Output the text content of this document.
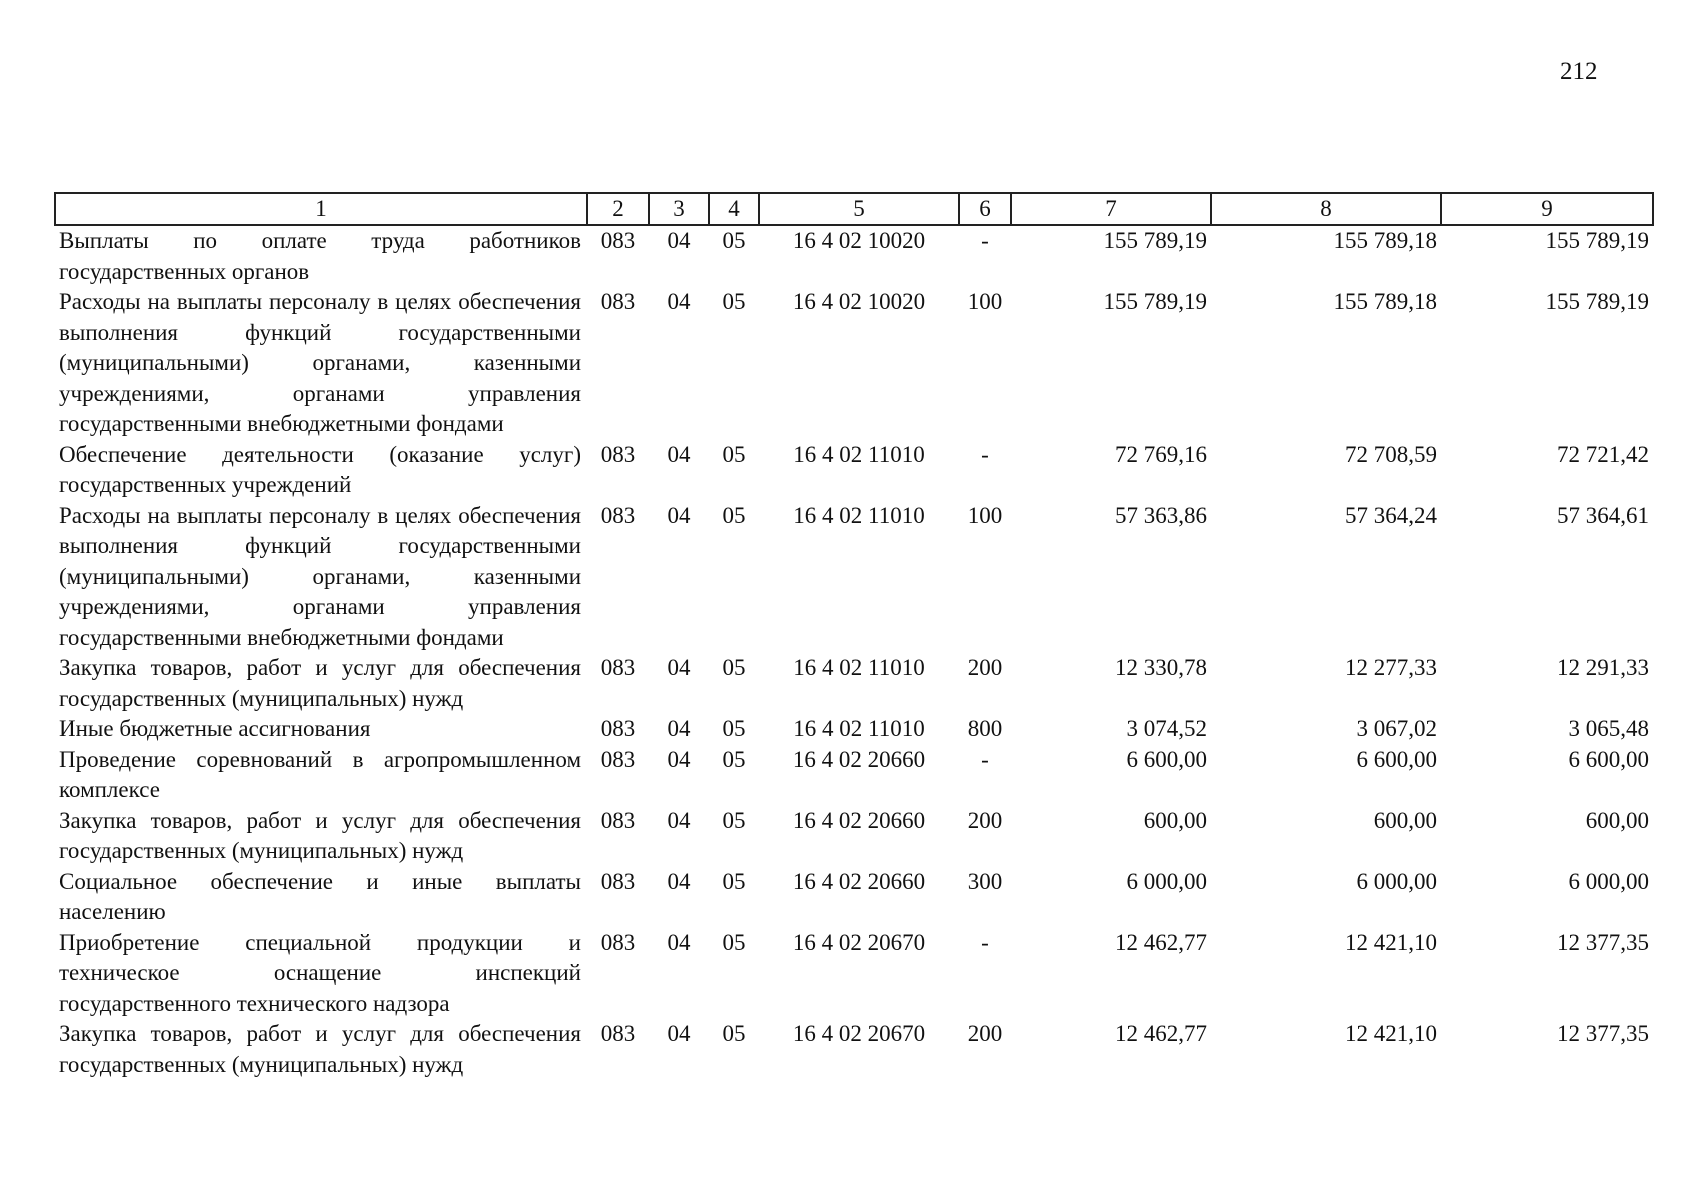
212
1	2	3	4	5	6	7	8	9
Выплаты по оплате труда работников государственных органов	083	04	05	16 4 02 10020	-	155 789,19	155 789,18	155 789,19
Расходы на выплаты персоналу в целях обеспечения выполнения функций государственными (муниципальными) органами, казенными учреждениями, органами управления государственными внебюджетными фондами	083	04	05	16 4 02 10020	100	155 789,19	155 789,18	155 789,19
Обеспечение деятельности (оказание услуг) государственных учреждений	083	04	05	16 4 02 11010	-	72 769,16	72 708,59	72 721,42
Расходы на выплаты персоналу в целях обеспечения выполнения функций государственными (муниципальными) органами, казенными учреждениями, органами управления государственными внебюджетными фондами	083	04	05	16 4 02 11010	100	57 363,86	57 364,24	57 364,61
Закупка товаров, работ и услуг для обеспечения государственных (муниципальных) нужд	083	04	05	16 4 02 11010	200	12 330,78	12 277,33	12 291,33
Иные бюджетные ассигнования	083	04	05	16 4 02 11010	800	3 074,52	3 067,02	3 065,48
Проведение соревнований в агропромышленном комплексе	083	04	05	16 4 02 20660	-	6 600,00	6 600,00	6 600,00
Закупка товаров, работ и услуг для обеспечения государственных (муниципальных) нужд	083	04	05	16 4 02 20660	200	600,00	600,00	600,00
Социальное обеспечение и иные выплаты населению	083	04	05	16 4 02 20660	300	6 000,00	6 000,00	6 000,00
Приобретение специальной продукции и техническое оснащение инспекций государственного технического надзора	083	04	05	16 4 02 20670	-	12 462,77	12 421,10	12 377,35
Закупка товаров, работ и услуг для обеспечения государственных (муниципальных) нужд	083	04	05	16 4 02 20670	200	12 462,77	12 421,10	12 377,35
